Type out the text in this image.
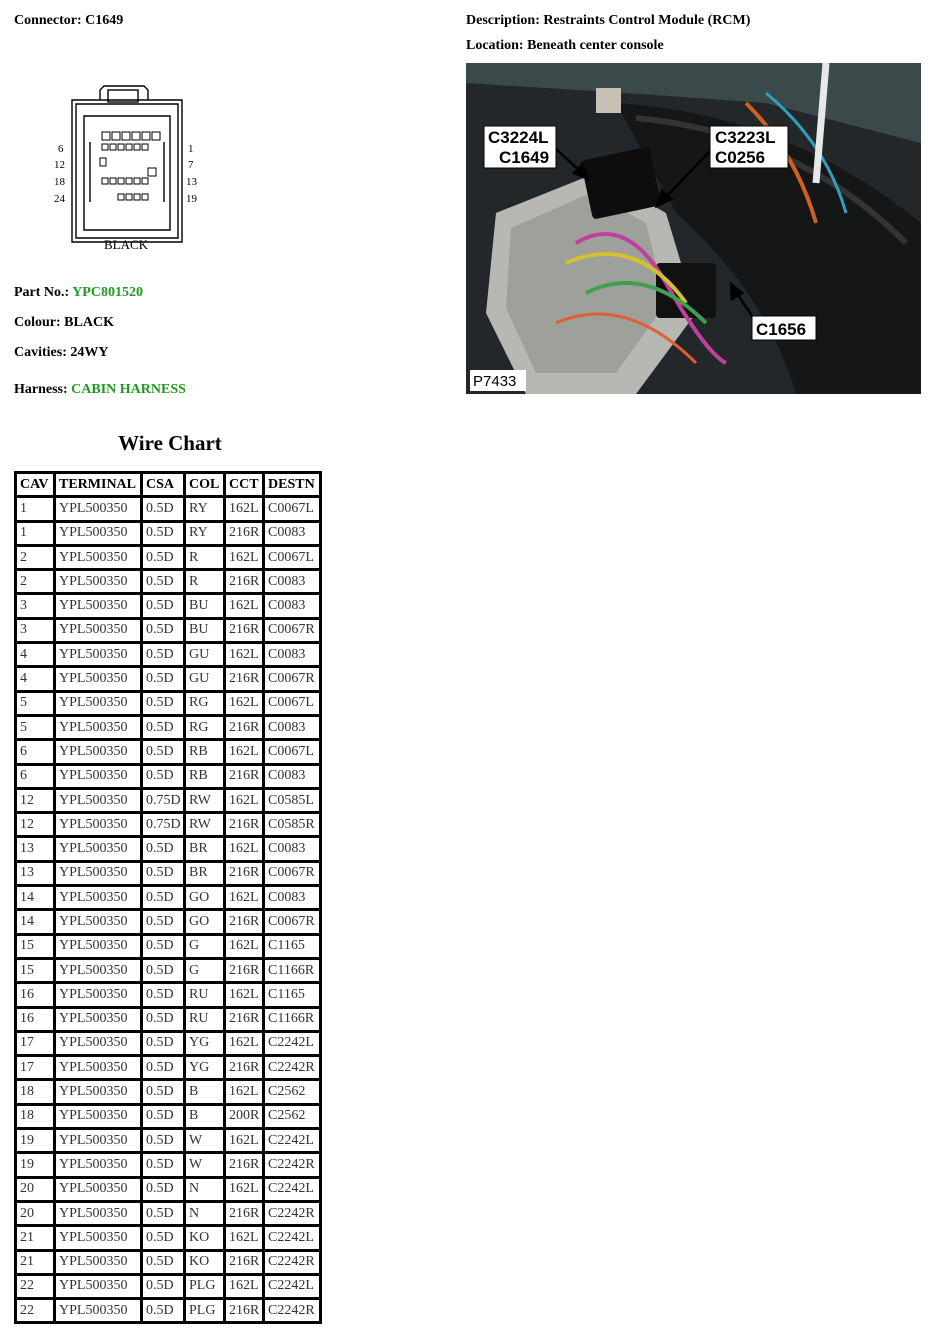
Connector: C1649	Description: Restraints Control Module (RCM)
Location: Beneath center console
6
12
18
24
1
7
13
19
BLACK
Part No.: YPC801520
Colour: BLACK
Cavities: 24WY
Harness: CABIN HARNESS
C3224L
C1649
C3223L
C0256
C1656
P7433
Wire Chart
CAV	TERMINAL	CSA	COL	CCT	DESTN
1	YPL500350	0.5D	RY	162L	C0067L
1	YPL500350	0.5D	RY	216R	C0083
2	YPL500350	0.5D	R	162L	C0067L
2	YPL500350	0.5D	R	216R	C0083
3	YPL500350	0.5D	BU	162L	C0083
3	YPL500350	0.5D	BU	216R	C0067R
4	YPL500350	0.5D	GU	162L	C0083
4	YPL500350	0.5D	GU	216R	C0067R
5	YPL500350	0.5D	RG	162L	C0067L
5	YPL500350	0.5D	RG	216R	C0083
6	YPL500350	0.5D	RB	162L	C0067L
6	YPL500350	0.5D	RB	216R	C0083
12	YPL500350	0.75D	RW	162L	C0585L
12	YPL500350	0.75D	RW	216R	C0585R
13	YPL500350	0.5D	BR	162L	C0083
13	YPL500350	0.5D	BR	216R	C0067R
14	YPL500350	0.5D	GO	162L	C0083
14	YPL500350	0.5D	GO	216R	C0067R
15	YPL500350	0.5D	G	162L	C1165
15	YPL500350	0.5D	G	216R	C1166R
16	YPL500350	0.5D	RU	162L	C1165
16	YPL500350	0.5D	RU	216R	C1166R
17	YPL500350	0.5D	YG	162L	C2242L
17	YPL500350	0.5D	YG	216R	C2242R
18	YPL500350	0.5D	B	162L	C2562
18	YPL500350	0.5D	B	200R	C2562
19	YPL500350	0.5D	W	162L	C2242L
19	YPL500350	0.5D	W	216R	C2242R
20	YPL500350	0.5D	N	162L	C2242L
20	YPL500350	0.5D	N	216R	C2242R
21	YPL500350	0.5D	KO	162L	C2242L
21	YPL500350	0.5D	KO	216R	C2242R
22	YPL500350	0.5D	PLG	162L	C2242L
22	YPL500350	0.5D	PLG	216R	C2242R
